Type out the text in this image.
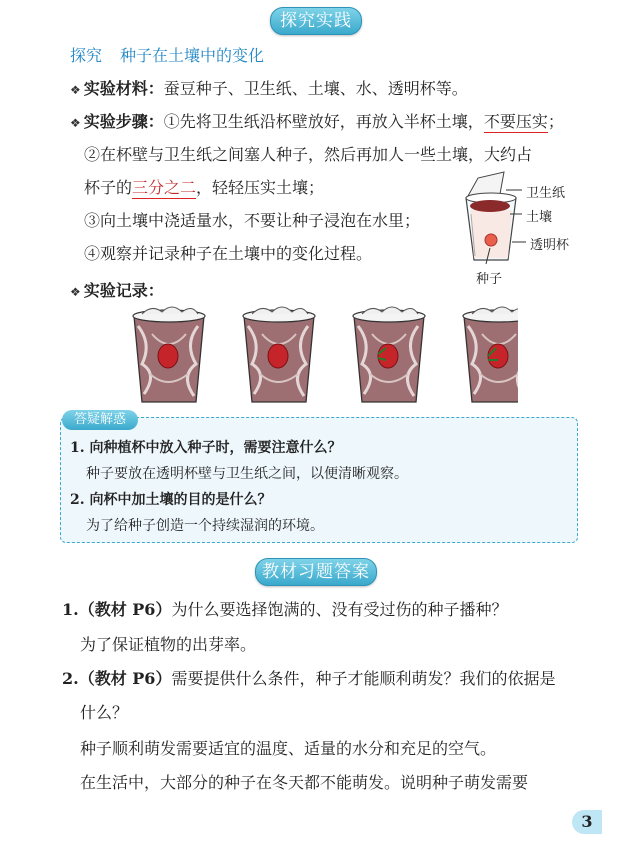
探究实践
探究 种子在土壤中的变化
❖ 实验材料：蚕豆种子、卫生纸、土壤、水、透明杯等。
❖ 实验步骤：①先将卫生纸沿杯壁放好，再放入半杯土壤，不要压实；
②在杯壁与卫生纸之间塞人种子，然后再加人一些土壤，大约占
杯子的三分之二，轻轻压实土壤；
③向土壤中浇适量水，不要让种子浸泡在水里；
④观察并记录种子在土壤中的变化过程。
卫生纸
土壤
透明杯
种子
❖ 实验记录：
答疑解惑
1. 向种植杯中放入种子时，需要注意什么？
种子要放在透明杯壁与卫生纸之间，以便清晰观察。
2. 向杯中加土壤的目的是什么？
为了给种子创造一个持续湿润的环境。
教材习题答案
1.（教材 P6）为什么要选择饱满的、没有受过伤的种子播种？
为了保证植物的出芽率。
2.（教材 P6）需要提供什么条件，种子才能顺利萌发？我们的依据是
什么？
种子顺利萌发需要适宜的温度、适量的水分和充足的空气。
在生活中，大部分的种子在冬天都不能萌发。说明种子萌发需要
3
